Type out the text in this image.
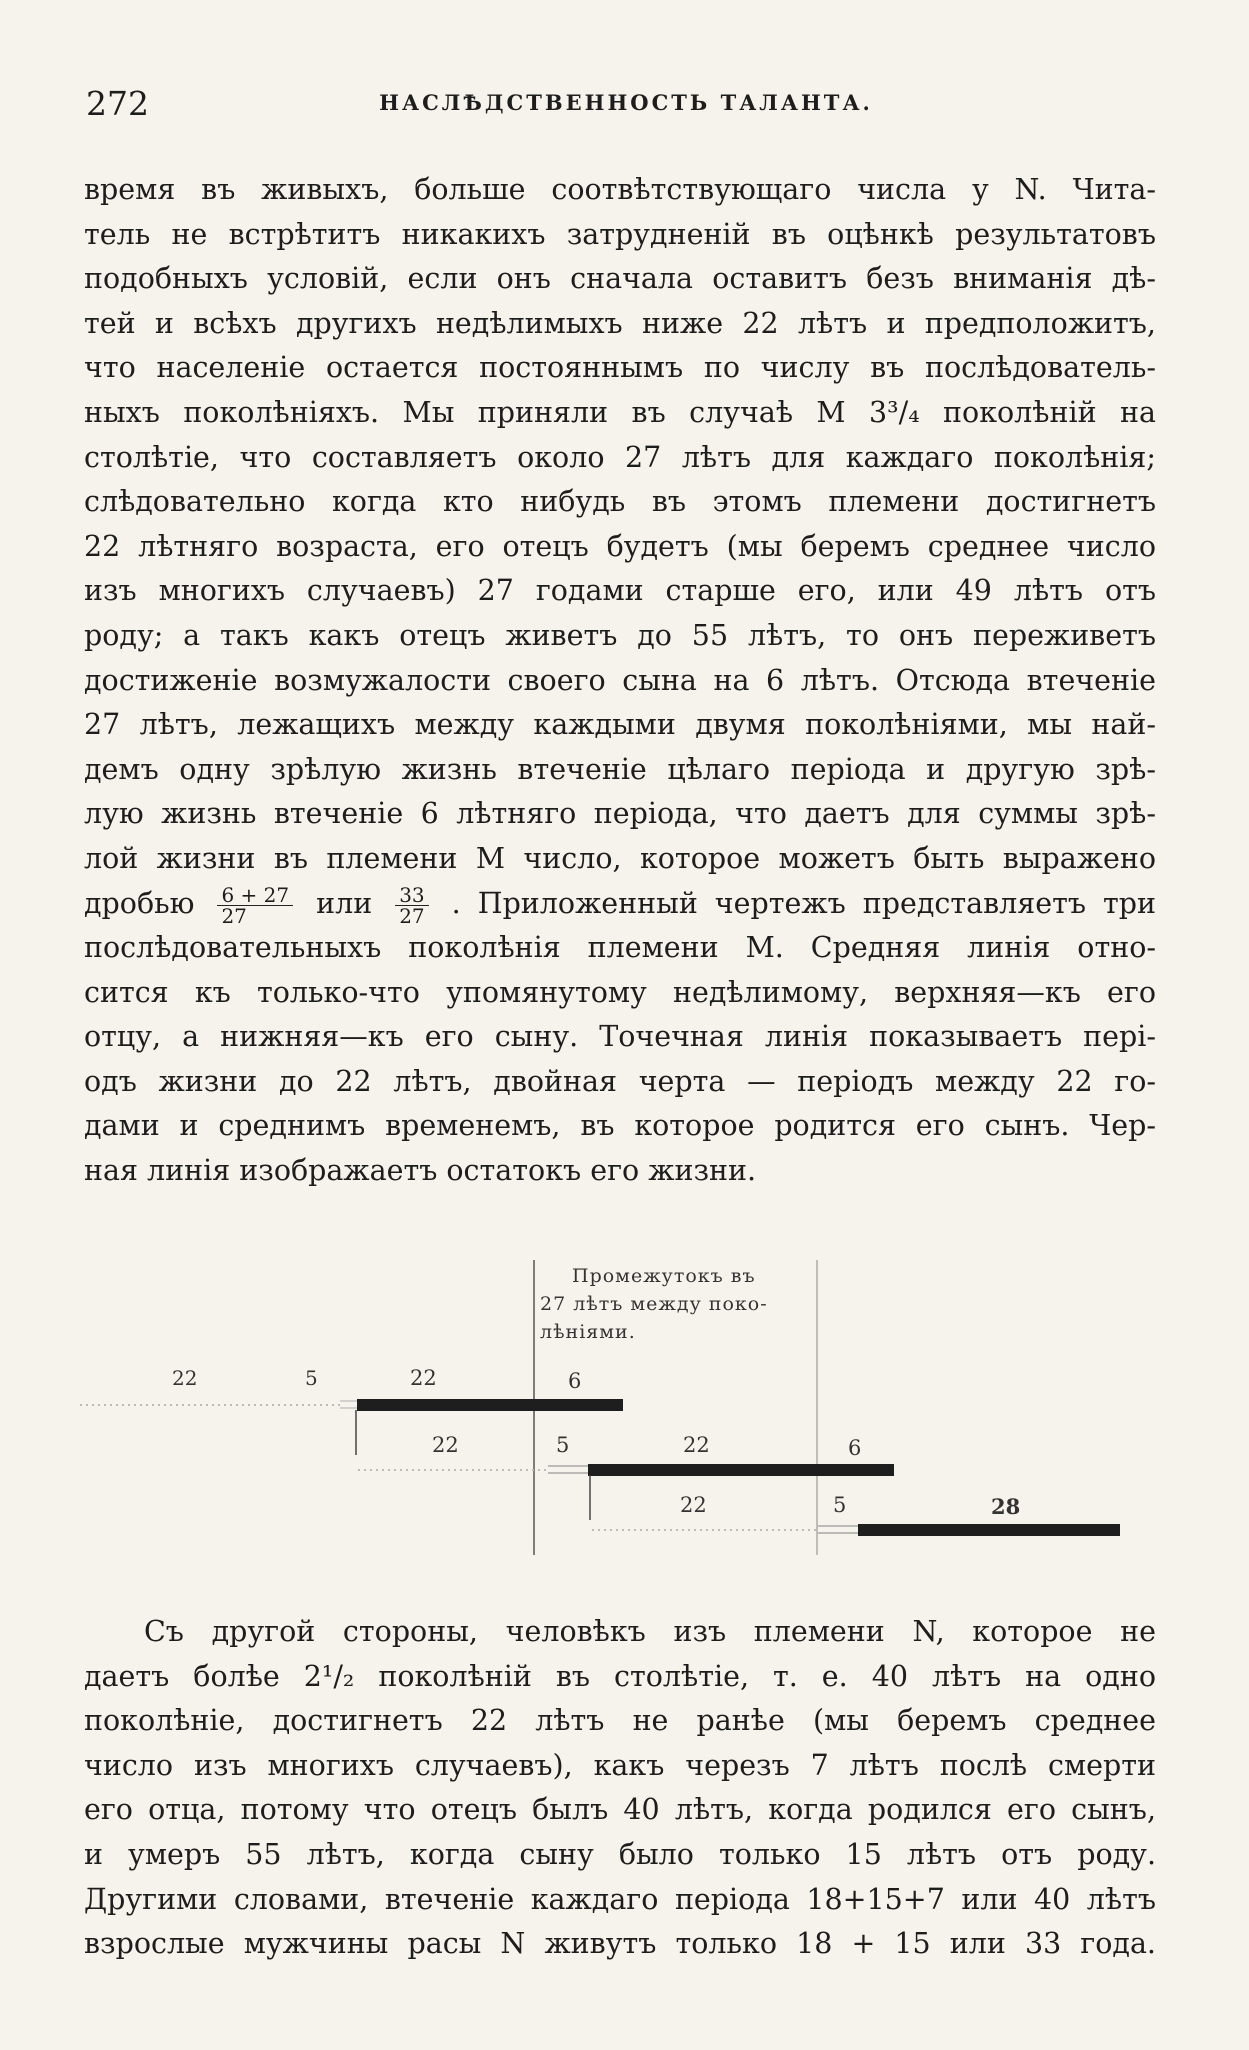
272	НАСЛѢДСТВЕННОСТЬ ТАЛАНТА.
время въ живыхъ, больше соотвѣтствующаго числа у N. Чита-
тель не встрѣтитъ никакихъ затрудненій въ оцѣнкѣ результатовъ
подобныхъ условій, если онъ сначала оставитъ безъ вниманія дѣ-
тей и всѣхъ другихъ недѣлимыхъ ниже 22 лѣтъ и предположитъ,
что населеніе остается постояннымъ по числу въ послѣдователь-
ныхъ поколѣніяхъ. Мы приняли въ случаѣ М 3³/₄ поколѣній на
столѣтіе, что составляетъ около 27 лѣтъ для каждаго поколѣнія;
слѣдовательно когда кто нибудь въ этомъ племени достигнетъ
22 лѣтняго возраста, его отецъ будетъ (мы беремъ среднее число
изъ многихъ случаевъ) 27 годами старше его, или 49 лѣтъ отъ
роду; а такъ какъ отецъ живетъ до 55 лѣтъ, то онъ переживетъ
достиженіе возмужалости своего сына на 6 лѣтъ. Отсюда втеченіе
27 лѣтъ, лежащихъ между каждыми двумя поколѣніями, мы най-
демъ одну зрѣлую жизнь втеченіе цѣлаго періода и другую зрѣ-
лую жизнь втеченіе 6 лѣтняго періода, что даетъ для суммы зрѣ-
лой жизни въ племени М число, которое можетъ быть выражено
дробью $\frac{6 + 27}{27}$ или $\frac{33}{27}$ . Приложенный чертежъ представляетъ три
послѣдовательныхъ поколѣнія племени М. Средняя линія отно-
сится къ только-что упомянутому недѣлимому, верхняя—къ его
отцу, а нижняя—къ его сыну. Точечная линія показываетъ пері-
одъ жизни до 22 лѣтъ, двойная черта — періодъ между 22 го-
дами и среднимъ временемъ, въ которое родится его сынъ. Чер-
ная линія изображаетъ остатокъ его жизни.
Промежутокъ въ
27 лѣтъ между поко-
лѣніями.
22	5	22	6
22	5	22	6
22	5	28
Съ другой стороны, человѣкъ изъ племени N, которое не
даетъ болѣе 2¹/₂ поколѣній въ столѣтіе, т. е. 40 лѣтъ на одно
поколѣніе, достигнетъ 22 лѣтъ не ранѣе (мы беремъ среднее
число изъ многихъ случаевъ), какъ черезъ 7 лѣтъ послѣ смерти
его отца, потому что отецъ былъ 40 лѣтъ, когда родился его сынъ,
и умеръ 55 лѣтъ, когда сыну было только 15 лѣтъ отъ роду.
Другими словами, втеченіе каждаго періода 18+15+7 или 40 лѣтъ
взрослые мужчины расы N живутъ только 18 + 15 или 33 года.
